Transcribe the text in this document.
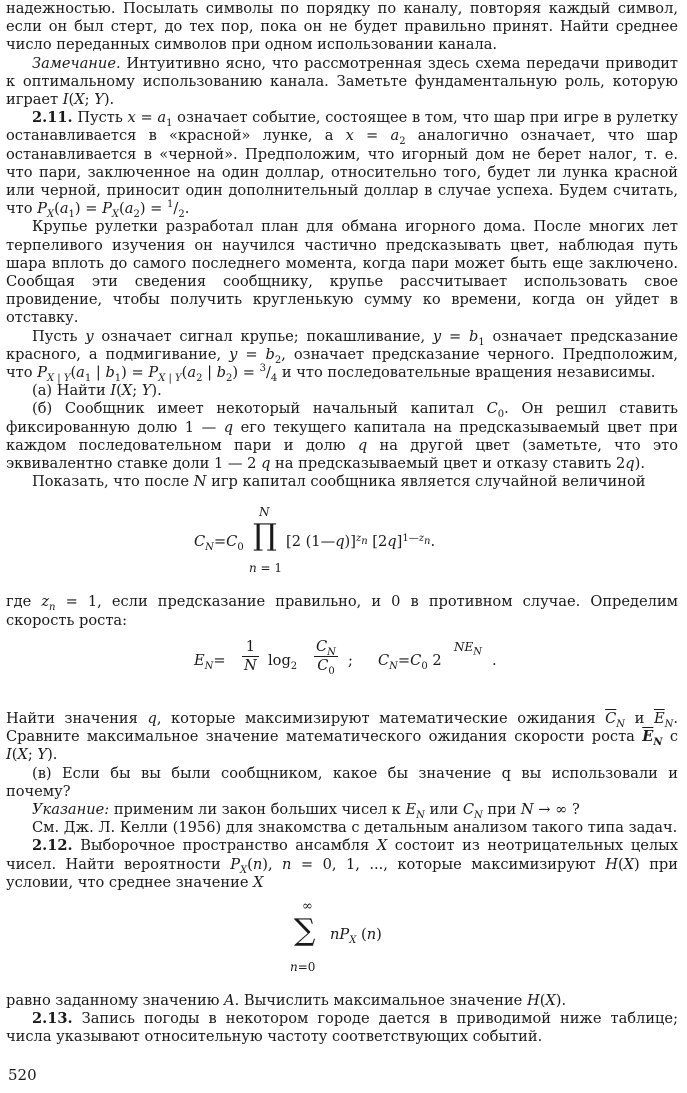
надежностью. Посылать символы по порядку по каналу, повторяя каждый символ, если он был стерт, до тех пор, пока он не будет правильно принят. Найти среднее число переданных символов при одном использовании канала.

Замечание. Интуитивно ясно, что рассмотренная здесь схема передачи приводит к оптимальному использованию канала. Заметьте фундаментальную роль, которую играет I(X; Y).

2.11. Пусть $x = a_1$ означает событие, состоящее в том, что шар при игре в рулетку останавливается в «красной» лунке, а $x = a_2$ аналогично означает, что шар останавливается в «черной». Предположим, что игорный дом не берет налог, т. е. что пари, заключенное на один доллар, относительно того, будет ли лунка красной или черной, приносит один дополнительный доллар в случае успеха. Будем считать, что $P_X(a_1) = P_X(a_2) = ^1/_2$.

Крупье рулетки разработал план для обмана игорного дома. После многих лет терпеливого изучения он научился частично предсказывать цвет, наблюдая путь шара вплоть до самого последнего момента, когда пари может быть еще заключено. Сообщая эти сведения сообщнику, крупье рассчитывает использовать свое провидение, чтобы получить кругленькую сумму ко времени, когда он уйдет в отставку.

Пусть y означает сигнал крупье; покашливание, $y = b_1$ означает предсказание красного, а подмигивание, $y = b_2$, означает предсказание черного. Предположим, что $P_{X | Y}(a_1$ | $b_1) = P_{X | Y}(a_2$ | $b_2) = ^3/_4$ и что последовательные вращения независимы.

(а) Найти I(X; Y).

(б) Сообщник имеет некоторый начальный капитал $C_0$. Он решил ставить фиксированную долю 1 — q его текущего капитала на предсказываемый цвет при каждом последовательном пари и долю q на другой цвет (заметьте, что это эквивалентно ставке доли 1 — 2 q на предсказываемый цвет и отказу ставить 2q).

Показать, что после N игр капитал сообщника является случайной величиной

$C_N=C_0$
N
∏
n = 1
[2 (1—q)]$^{z_n}$ $[2q]^{1—z_n}$.

где $z_n = 1$, если предсказание правильно, и 0 в противном случае. Определим скорость роста:

$E_N= \frac{1}{N} \log_2 \frac{C_N}{C_0}$ ; $C_N=C_0$ 2
$NE_N$
.

Найти значения q, которые максимизируют математические ожидания $\overline{C}_N$ и $\overline{E}_N$. Сравните максимальное значение математического ожидания скорости роста $\overline{E}_N$ с I(X; Y).

(в) Если бы вы были сообщником, какое бы значение q вы использовали и почему?

Указание: применим ли закон больших чисел к $E_N$ или $C_N$ при N → ∞ ?

См. Дж. Л. Келли (1956) для знакомства с детальным анализом такого типа задач.

2.12. Выборочное пространство ансамбля X состоит из неотрицательных целых чисел. Найти вероятности $P_X(n)$, n = 0, 1, ..., которые максимизируют H(X) при условии, что среднее значение X

∞
∑
n=0
$nP_X$ (n)

равно заданному значению A. Вычислить максимальное значение H(X).

2.13. Запись погоды в некотором городе дается в приводимой ниже таблице; числа указывают относительную частоту соответствующих событий.

520
